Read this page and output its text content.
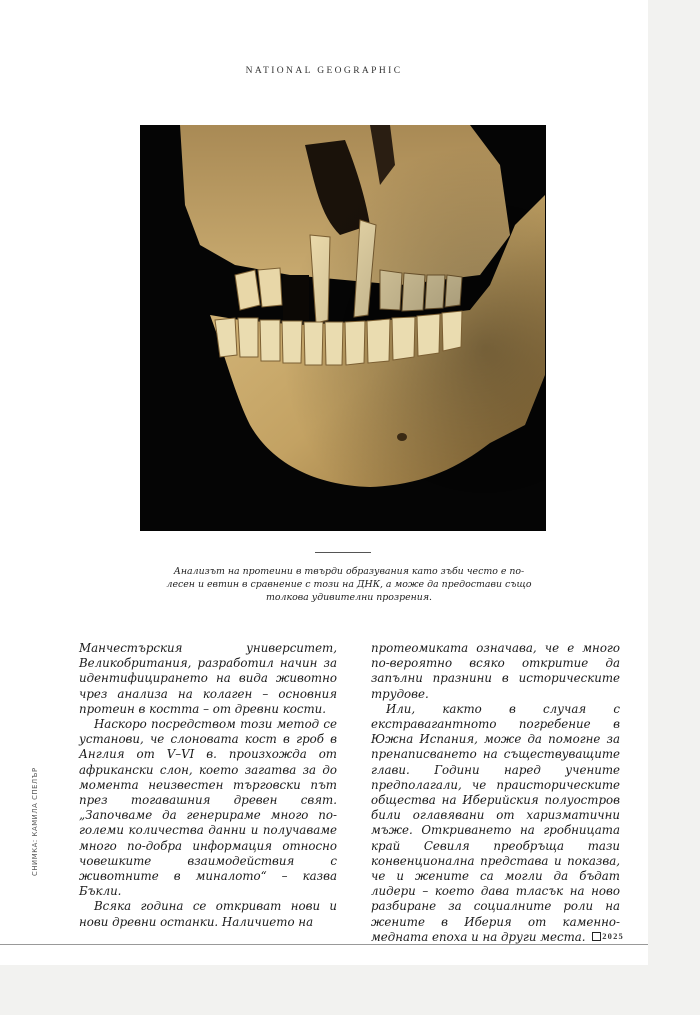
NATIONAL GEOGRAPHIC
Анализът на протеини в твърди образувания като зъби често е по-лесен и евтин в сравнение с този на ДНК, а може да предостави също толкова удивителни прозрения.

Манчестърския университет, Великобритания, разработил начин за идентифицирането на вида животно чрез анализа на колаген – основния протеин в костта – от древни кости.

Наскоро посредством този метод се установи, че слоновата кост в гроб в Англия от V–VI в. произхожда от африкански слон, което загатва за до момента неизвестен търговски път през тогавашния древен свят. „Започваме да генерираме много по-големи количества данни и получаваме много по-добра информация относно човешките взаимодействия с животните в миналото“ – казва Бъкли.

Всяка година се откриват нови и нови древни останки. Наличието на

протеомиката означава, че е много по-вероятно всяко откритие да запълни празнини в историческите трудове.

Или, както в случая с екстравагантното погребение в Южна Испания, може да помогне за пренаписването на съществуващите глави. Години наред учените предполагали, че праисторическите общества на Иберийския полуостров били оглавявани от харизматични мъже. Откриването на гробницата край Севиля преобръща тази конвенционална представа и показва, че и жените са могли да бъдат лидери – което дава тласък на ново разбиране за социалните роли на жените в Иберия от каменно-медната епоха и на други места.

СНИМКА: КАМИЛА СПЕЛЪР
2025
